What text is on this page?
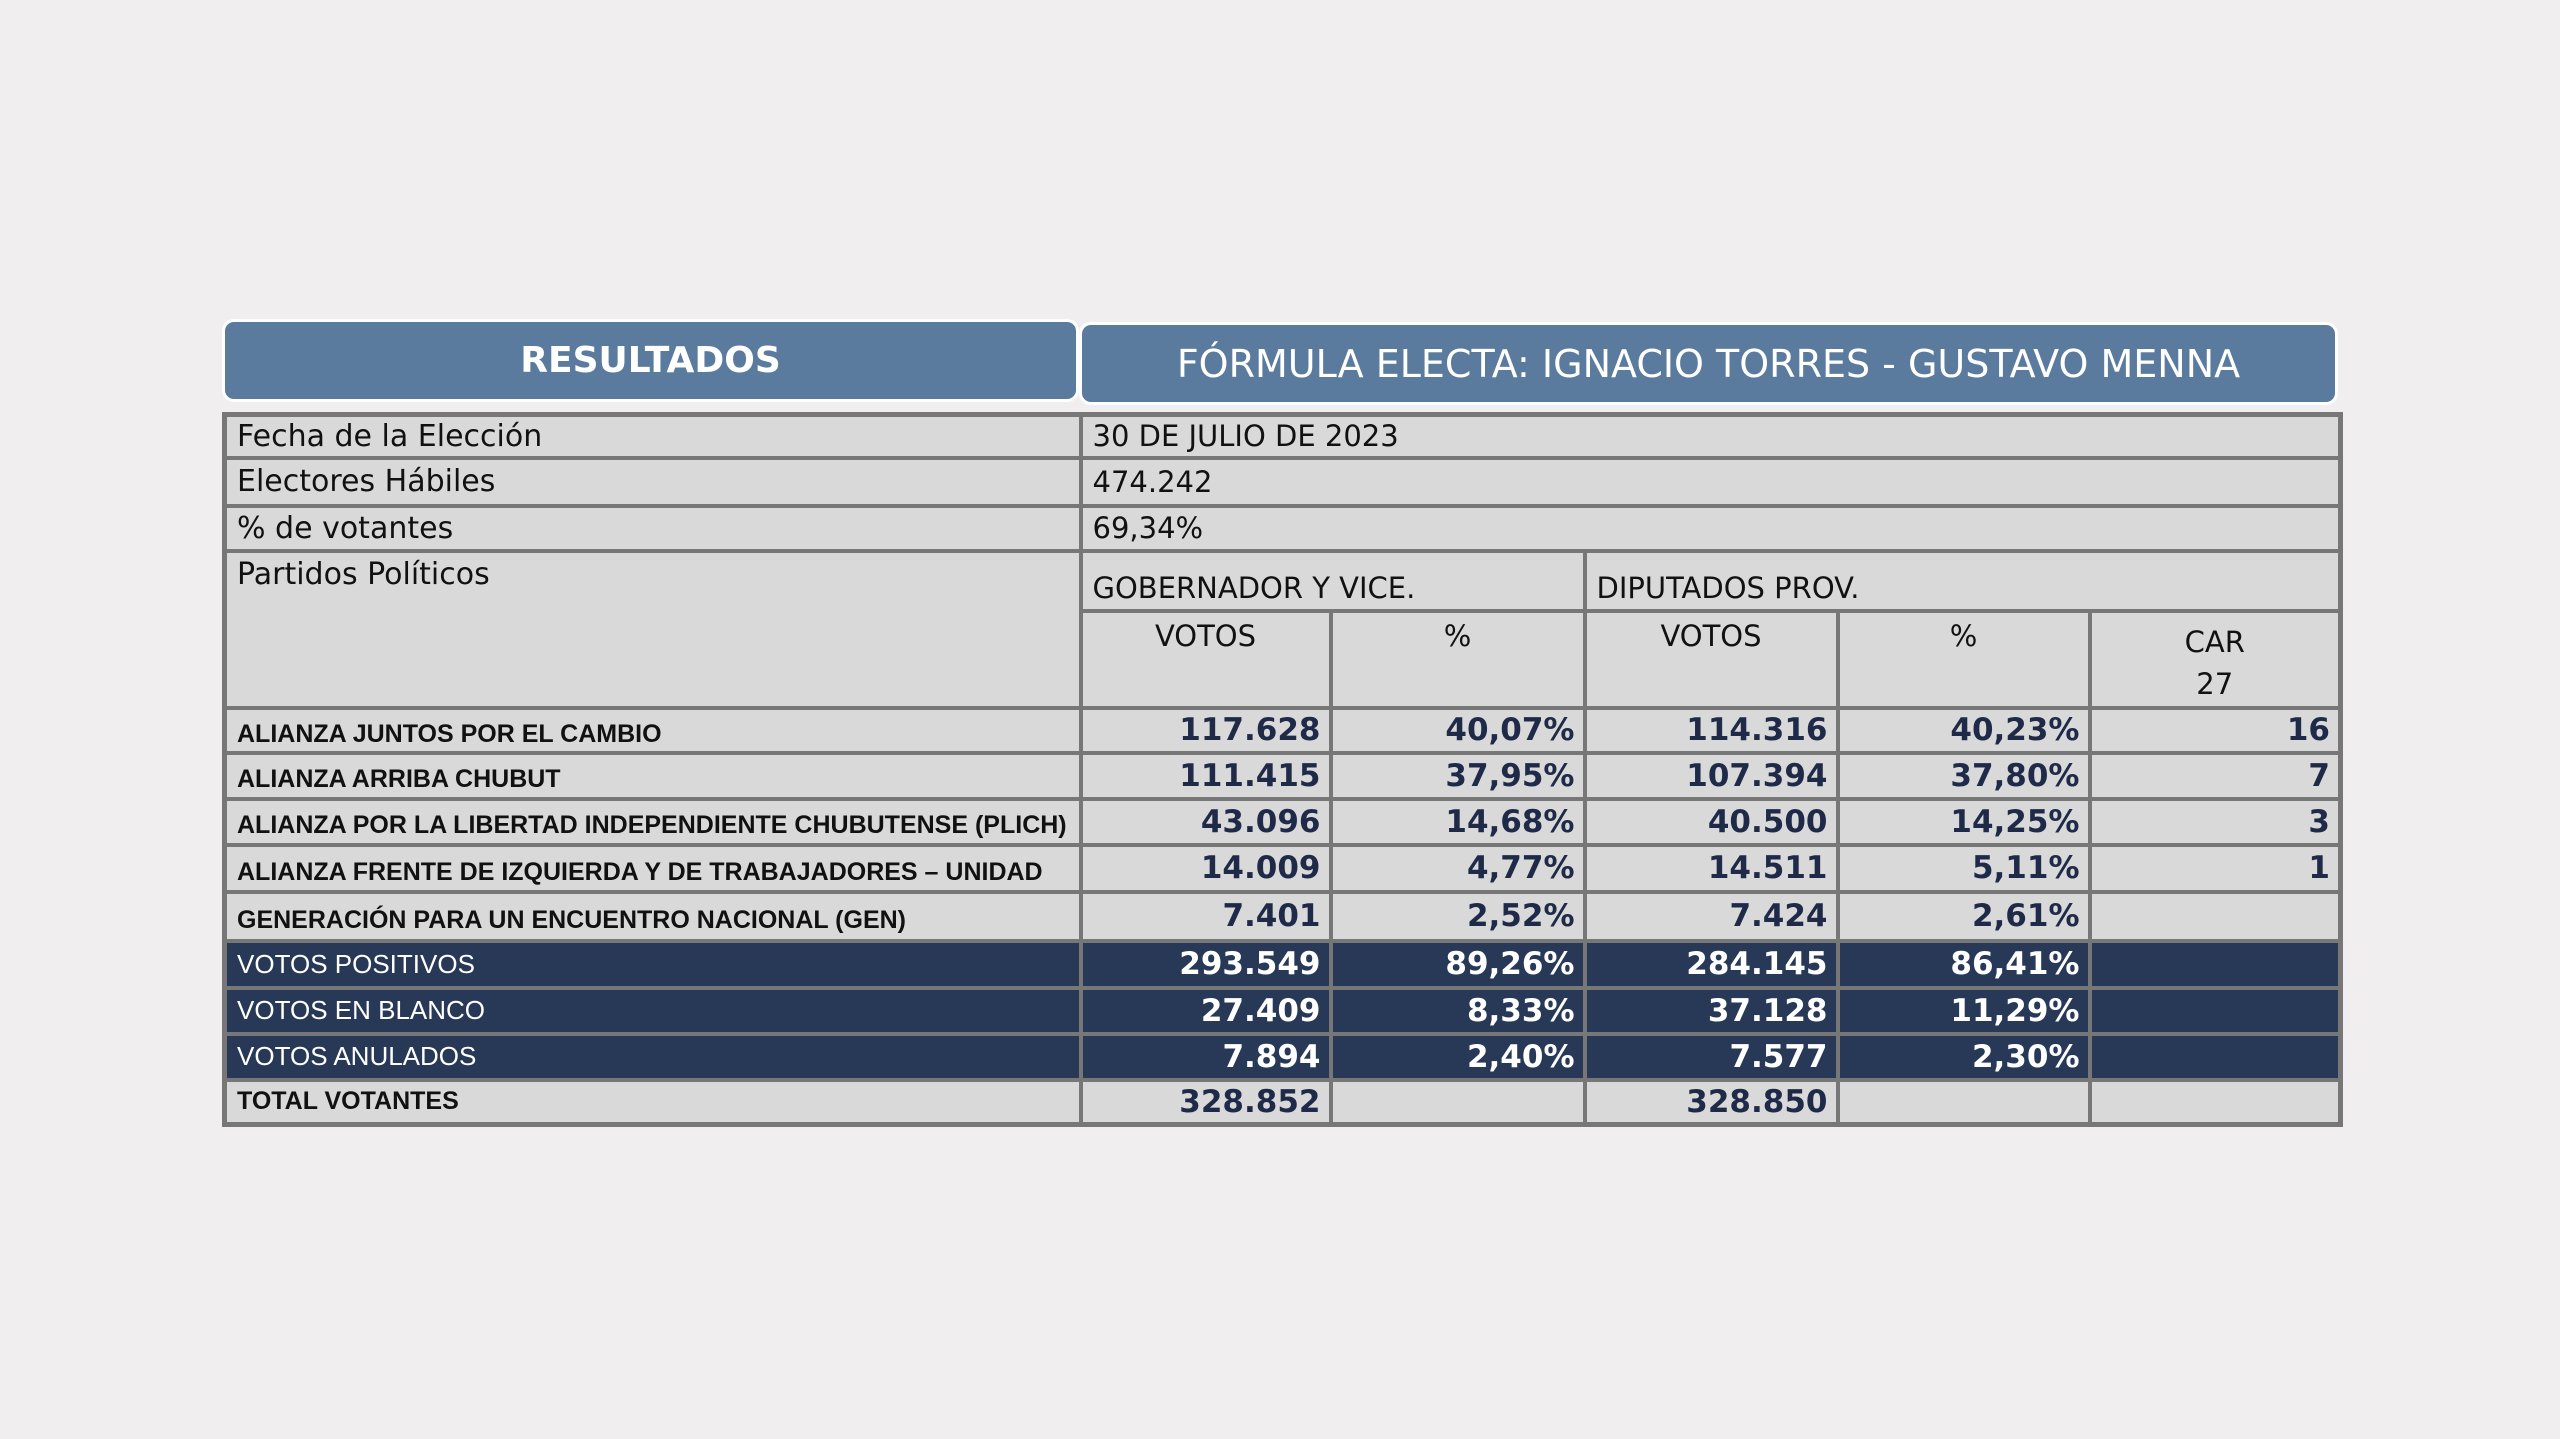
RESULTADOS	FÓRMULA ELECTA: IGNACIO TORRES - GUSTAVO MENNA
Fecha de la Elección	30 DE JULIO DE 2023				
Electores Hábiles	474.242				
% de votantes	69,34%				
Partidos Políticos	GOBERNADOR Y VICE.		DIPUTADOS PROV.		
	VOTOS	%	VOTOS	%	CAR
27

ALIANZA JUNTOS POR EL CAMBIO	117.628	40,07%	114.316	40,23%	16
ALIANZA ARRIBA CHUBUT	111.415	37,95%	107.394	37,80%	7
ALIANZA POR LA LIBERTAD INDEPENDIENTE CHUBUTENSE (PLICH)	43.096	14,68%	40.500	14,25%	3
ALIANZA FRENTE DE IZQUIERDA Y DE TRABAJADORES – UNIDAD	14.009	4,77%	14.511	5,11%	1
GENERACIÓN PARA UN ENCUENTRO NACIONAL (GEN)	7.401	2,52%	7.424	2,61%	
VOTOS POSITIVOS	293.549	89,26%	284.145	86,41%	
VOTOS EN BLANCO	27.409	8,33%	37.128	11,29%	
VOTOS ANULADOS	7.894	2,40%	7.577	2,30%	
TOTAL VOTANTES	328.852		328.850		
